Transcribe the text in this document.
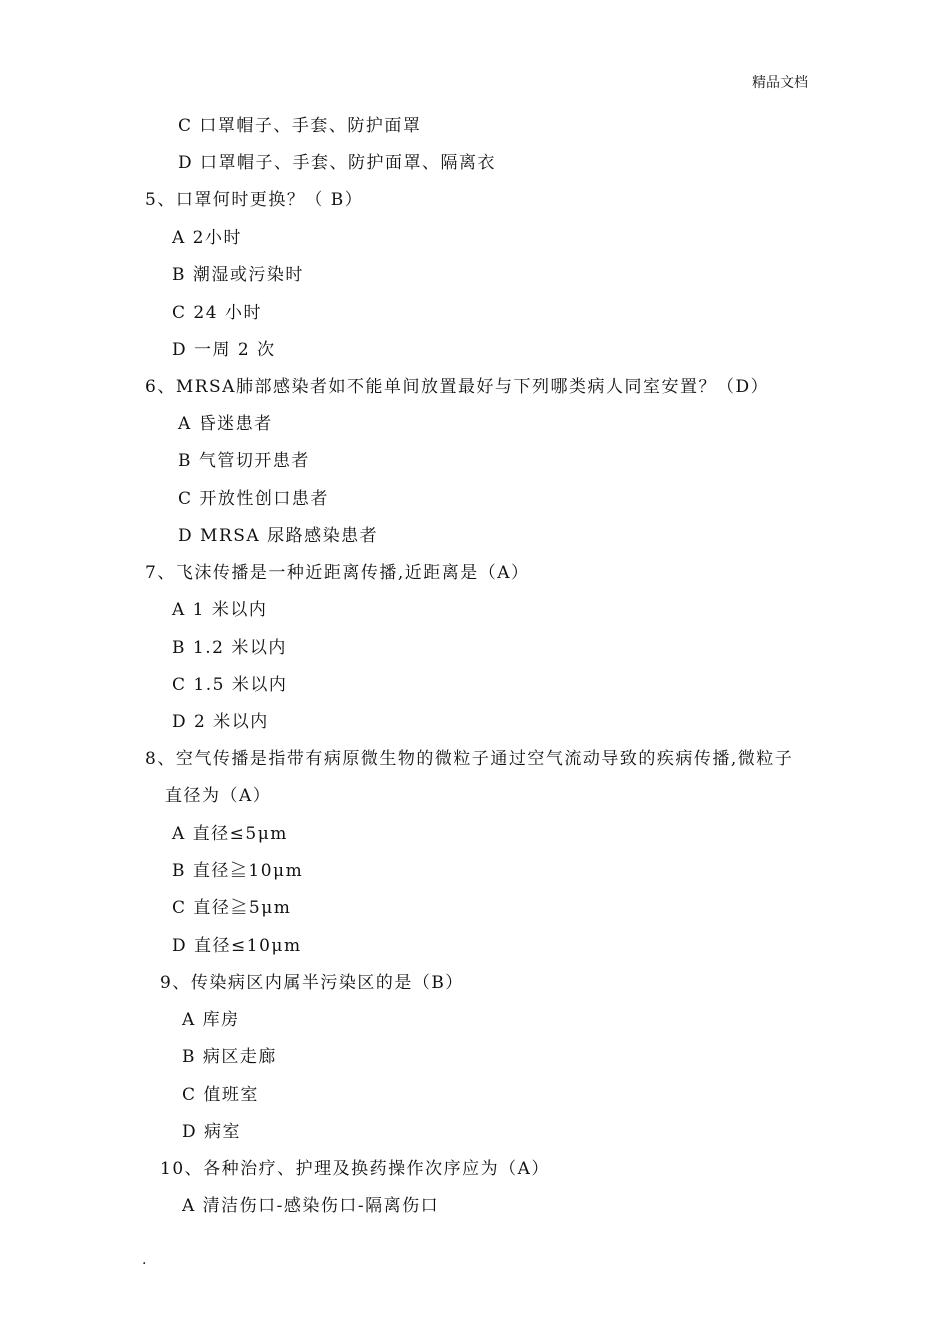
精品文档
C 口罩帽子、手套、防护面罩
D 口罩帽子、手套、防护面罩、隔离衣
5、口罩何时更换？（ B）
A 2小时
B 潮湿或污染时
C 24 小时
D 一周 2 次
6、MRSA肺部感染者如不能单间放置最好与下列哪类病人同室安置？（D）
A 昏迷患者
B 气管切开患者
C 开放性创口患者
D MRSA 尿路感染患者
7、飞沫传播是一种近距离传播,近距离是（A）
A 1 米以内
B 1.2 米以内
C 1.5 米以内
D 2 米以内
8、空气传播是指带有病原微生物的微粒子通过空气流动导致的疾病传播,微粒子
直径为（A）
A 直径≤5μm
B 直径≧10μm
C 直径≧5μm
D 直径≤10μm
9、传染病区内属半污染区的是（B）
A 库房
B 病区走廊
C 值班室
D 病室
10、各种治疗、护理及换药操作次序应为（A）
A 清洁伤口-感染伤口-隔离伤口
.
